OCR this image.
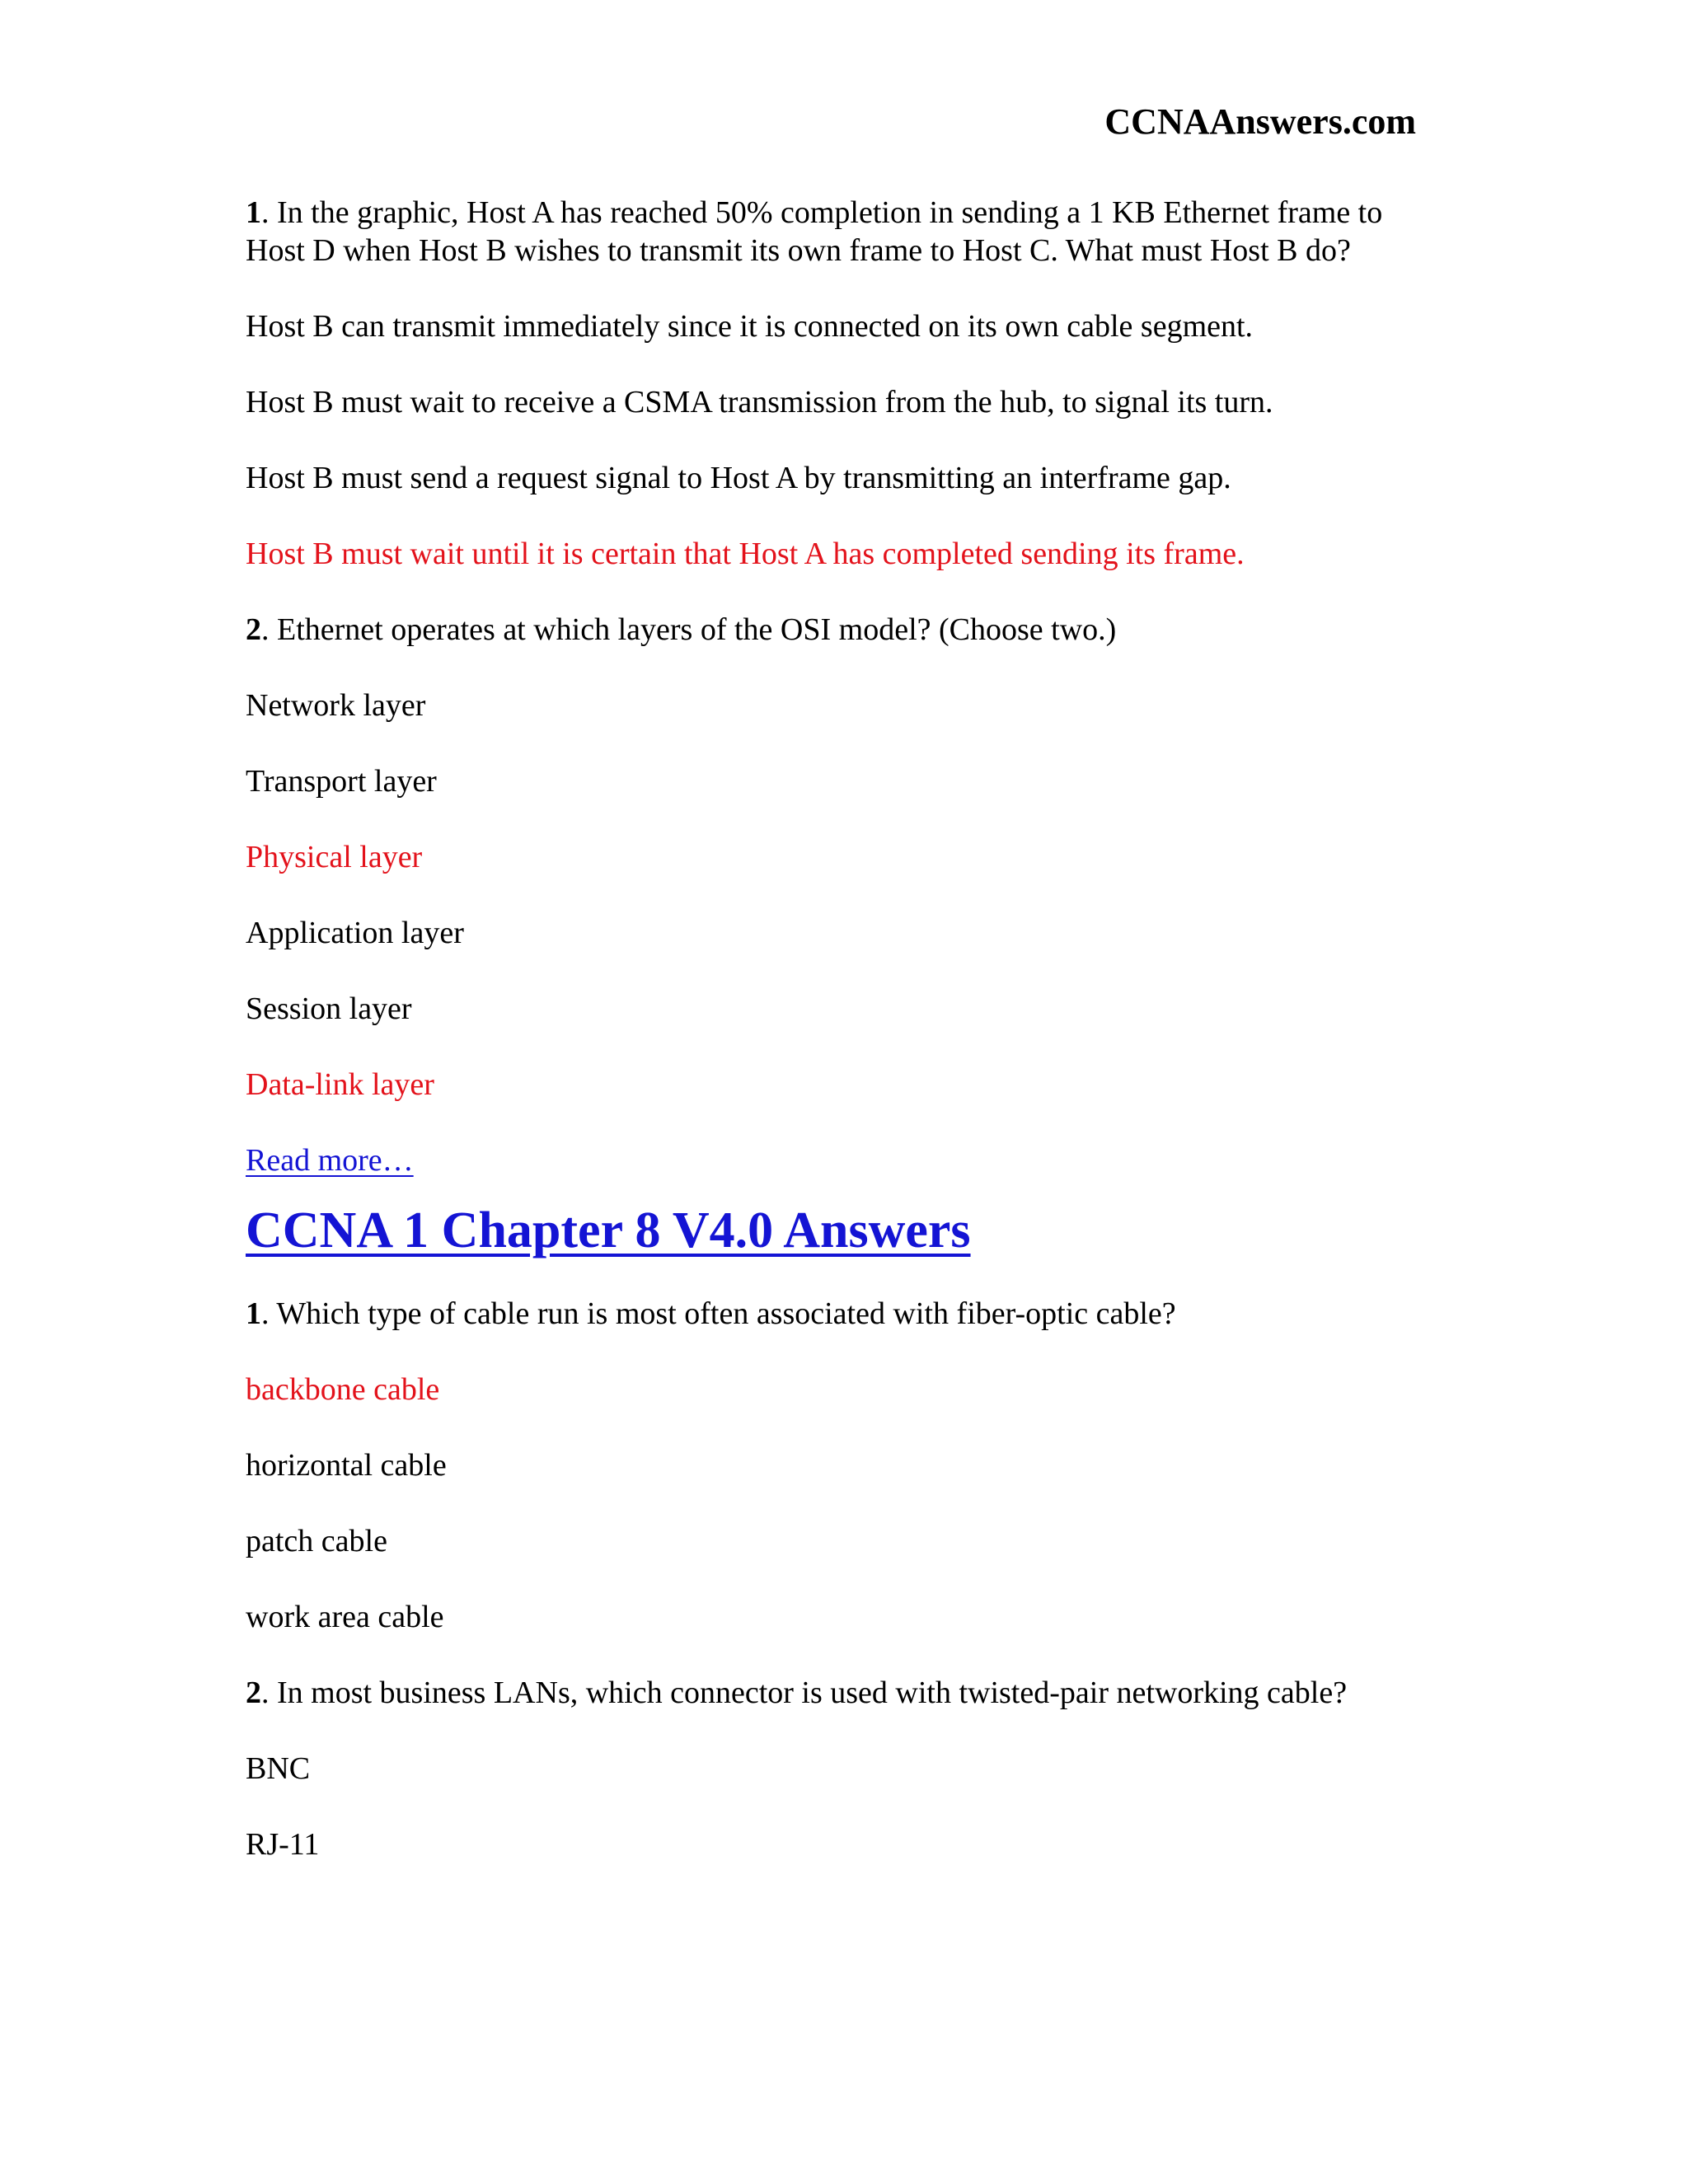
CCNAAnswers.com

1. In the graphic, Host A has reached 50% completion in sending a 1 KB Ethernet frame to Host D when Host B wishes to transmit its own frame to Host C. What must Host B do?

Host B can transmit immediately since it is connected on its own cable segment.

Host B must wait to receive a CSMA transmission from the hub, to signal its turn.

Host B must send a request signal to Host A by transmitting an interframe gap.

Host B must wait until it is certain that Host A has completed sending its frame.

2. Ethernet operates at which layers of the OSI model? (Choose two.)

Network layer

Transport layer

Physical layer

Application layer

Session layer

Data-link layer

Read more…

CCNA 1 Chapter 8 V4.0 Answers

1. Which type of cable run is most often associated with fiber-optic cable?

backbone cable

horizontal cable

patch cable

work area cable

2. In most business LANs, which connector is used with twisted-pair networking cable?

BNC

RJ-11
